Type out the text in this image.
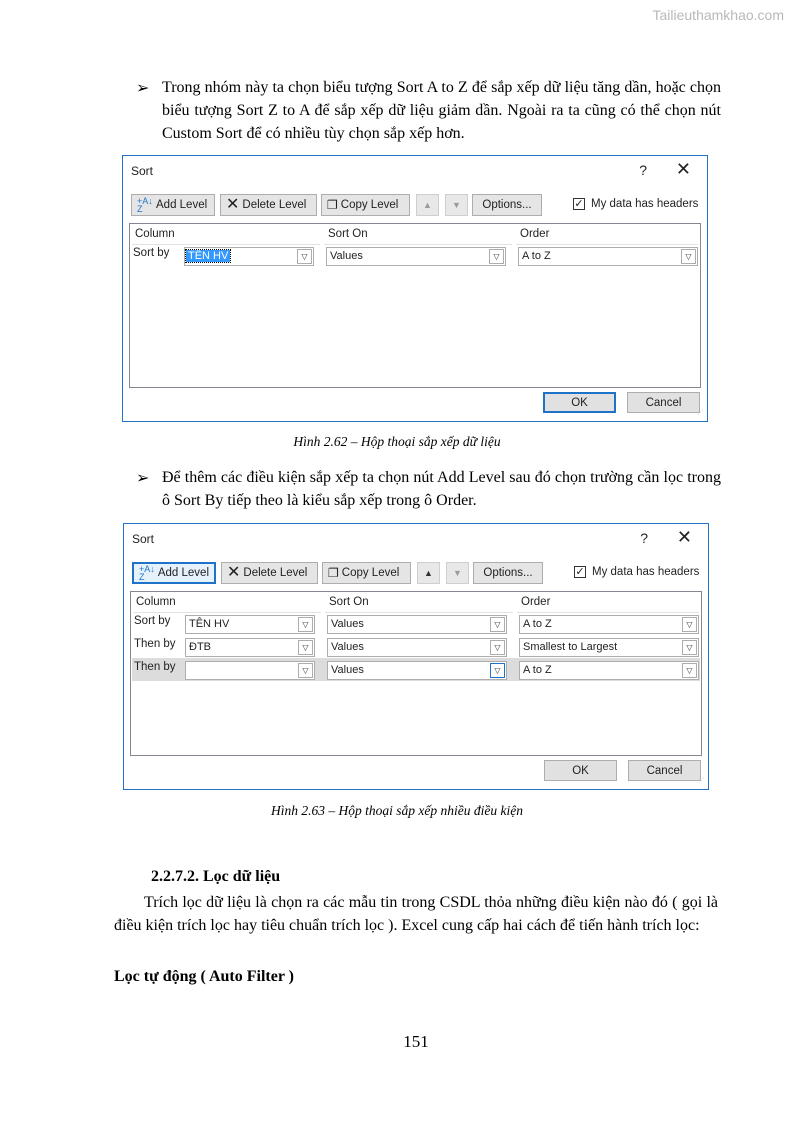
Tailieuthamkhao.com
➢ Trong nhóm này ta chọn biểu tượng Sort A to Z để sắp xếp dữ liệu tăng dần, hoặc chọn biểu tượng Sort Z to A để sắp xếp dữ liệu giảm dần. Ngoài ra ta cũng có thể chọn nút Custom Sort để có nhiều tùy chọn sắp xếp hơn.
Sort	? ✕
+A↓
Z	Add Level ✕ Delete Level ❐ Copy Level	▲ ▼ Options...	✓ My data has headers
Column	Sort On	Order
Sort by TÊN HV	▽	Values	▽	A to Z	▽
OK	Cancel
⋰
Hình 2.62 – Hộp thoại sắp xếp dữ liệu
➢ Để thêm các điều kiện sắp xếp ta chọn nút Add Level sau đó chọn trường cần lọc trong ô Sort By tiếp theo là kiểu sắp xếp trong ô Order.
Sort	? ✕
+A↓
Z	Add Level ✕ Delete Level ❐ Copy Level	▲ ▼ Options...	✓ My data has headers
Column	Sort On	Order
Sort by TÊN HV	▽	Values	▽	A to Z	▽
Then by ĐTB	▽	Values	▽	Smallest to Largest	▽
Then by	▽	Values	▽	A to Z	▽
OK	Cancel
⋰
Hình 2.63 – Hộp thoại sắp xếp nhiều điều kiện
2.2.7.2. Lọc dữ liệu
Trích lọc dữ liệu là chọn ra các mẫu tin trong CSDL thỏa những điều kiện nào đó ( gọi là điều kiện trích lọc hay tiêu chuẩn trích lọc ). Excel cung cấp hai cách để tiến hành trích lọc:
Lọc tự động ( Auto Filter )
151
